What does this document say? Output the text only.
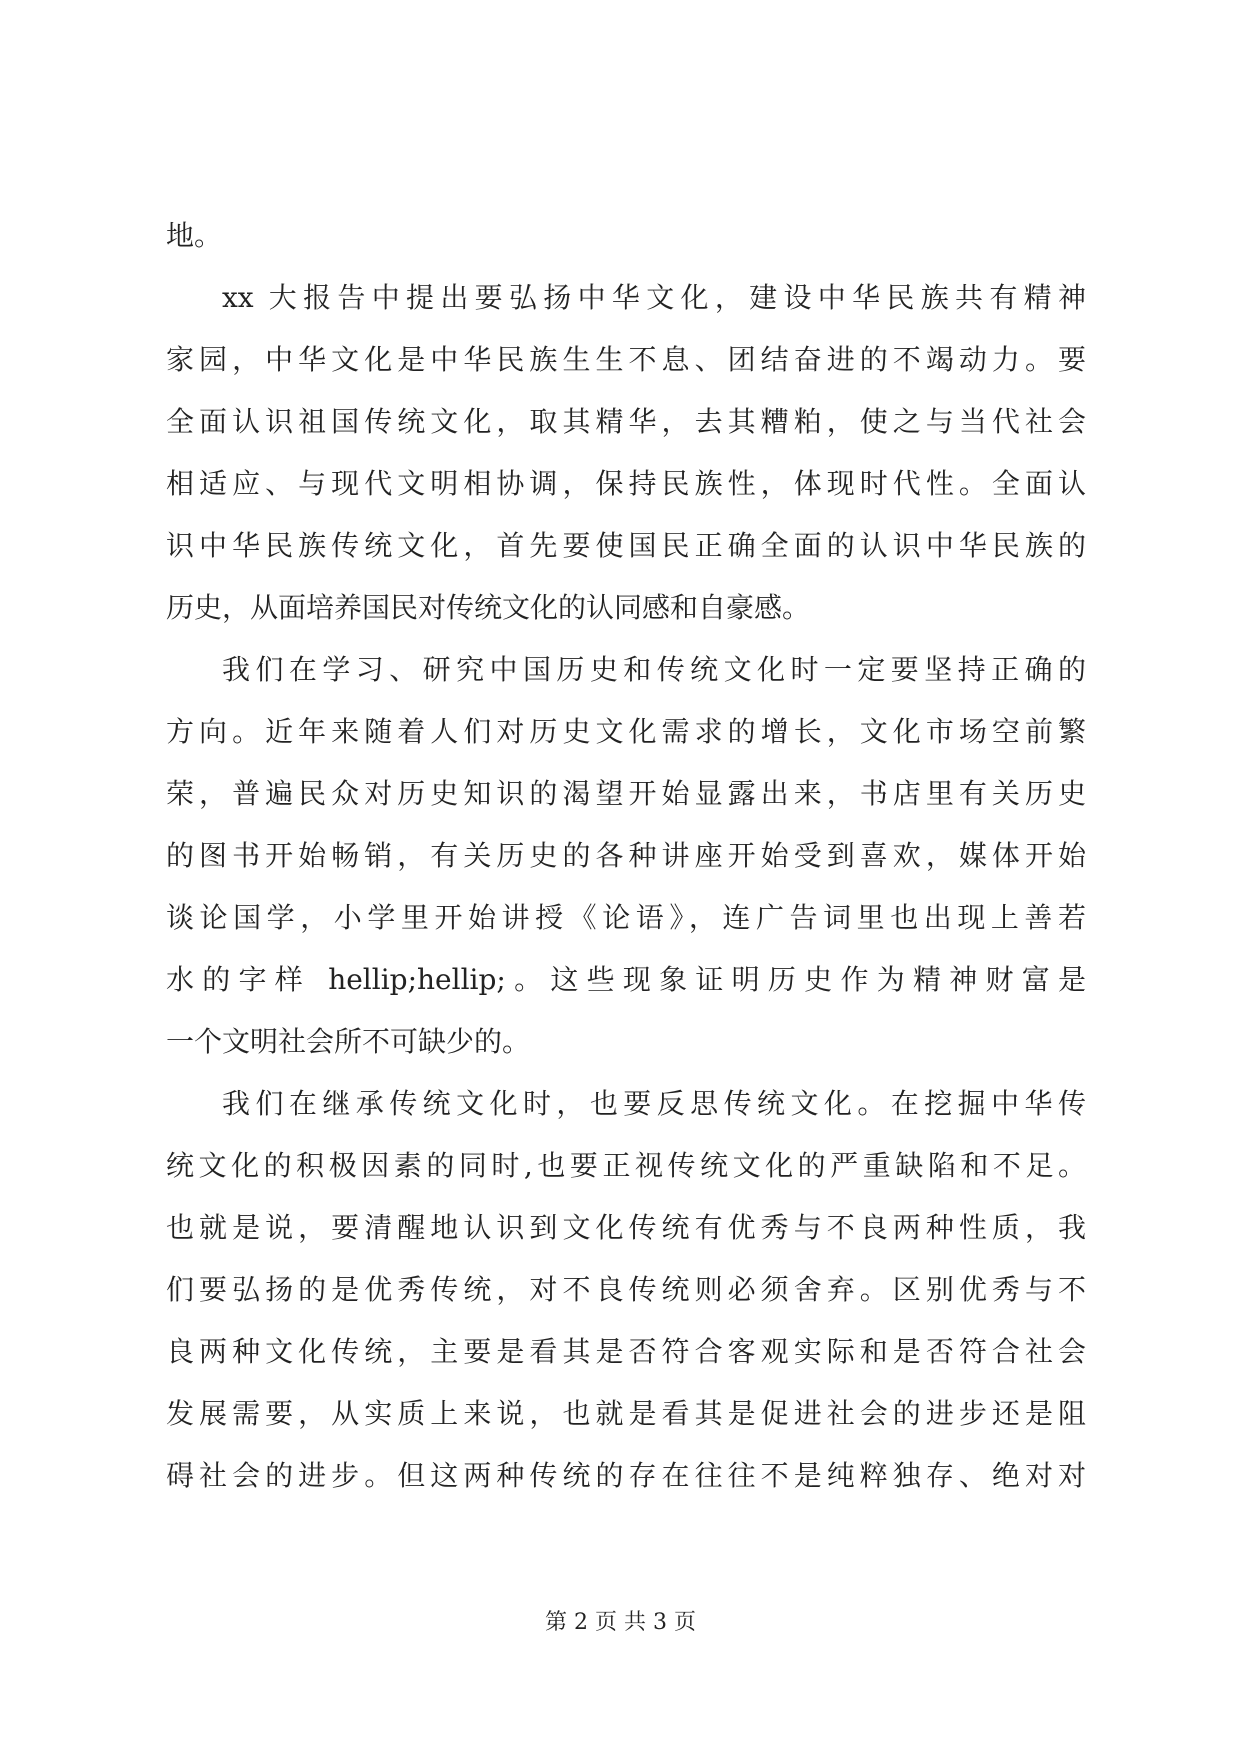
地。
xx 大报告中提出要弘扬中华文化，建设中华民族共有精神
家园，中华文化是中华民族生生不息、团结奋进的不竭动力。要
全面认识祖国传统文化，取其精华，去其糟粕，使之与当代社会
相适应、与现代文明相协调，保持民族性，体现时代性。全面认
识中华民族传统文化，首先要使国民正确全面的认识中华民族的
历史，从面培养国民对传统文化的认同感和自豪感。
我们在学习、研究中国历史和传统文化时一定要坚持正确的
方向。近年来随着人们对历史文化需求的增长，文化市场空前繁
荣，普遍民众对历史知识的渴望开始显露出来，书店里有关历史
的图书开始畅销，有关历史的各种讲座开始受到喜欢，媒体开始
谈论国学，小学里开始讲授《论语》，连广告词里也出现上善若
水的字样 hellip;hellip;。这些现象证明历史作为精神财富是
一个文明社会所不可缺少的。
我们在继承传统文化时，也要反思传统文化。在挖掘中华传
统文化的积极因素的同时,也要正视传统文化的严重缺陷和不足。
也就是说，要清醒地认识到文化传统有优秀与不良两种性质，我
们要弘扬的是优秀传统，对不良传统则必须舍弃。区别优秀与不
良两种文化传统，主要是看其是否符合客观实际和是否符合社会
发展需要，从实质上来说，也就是看其是促进社会的进步还是阻
碍社会的进步。但这两种传统的存在往往不是纯粹独存、绝对对
第 2 页 共 3 页
